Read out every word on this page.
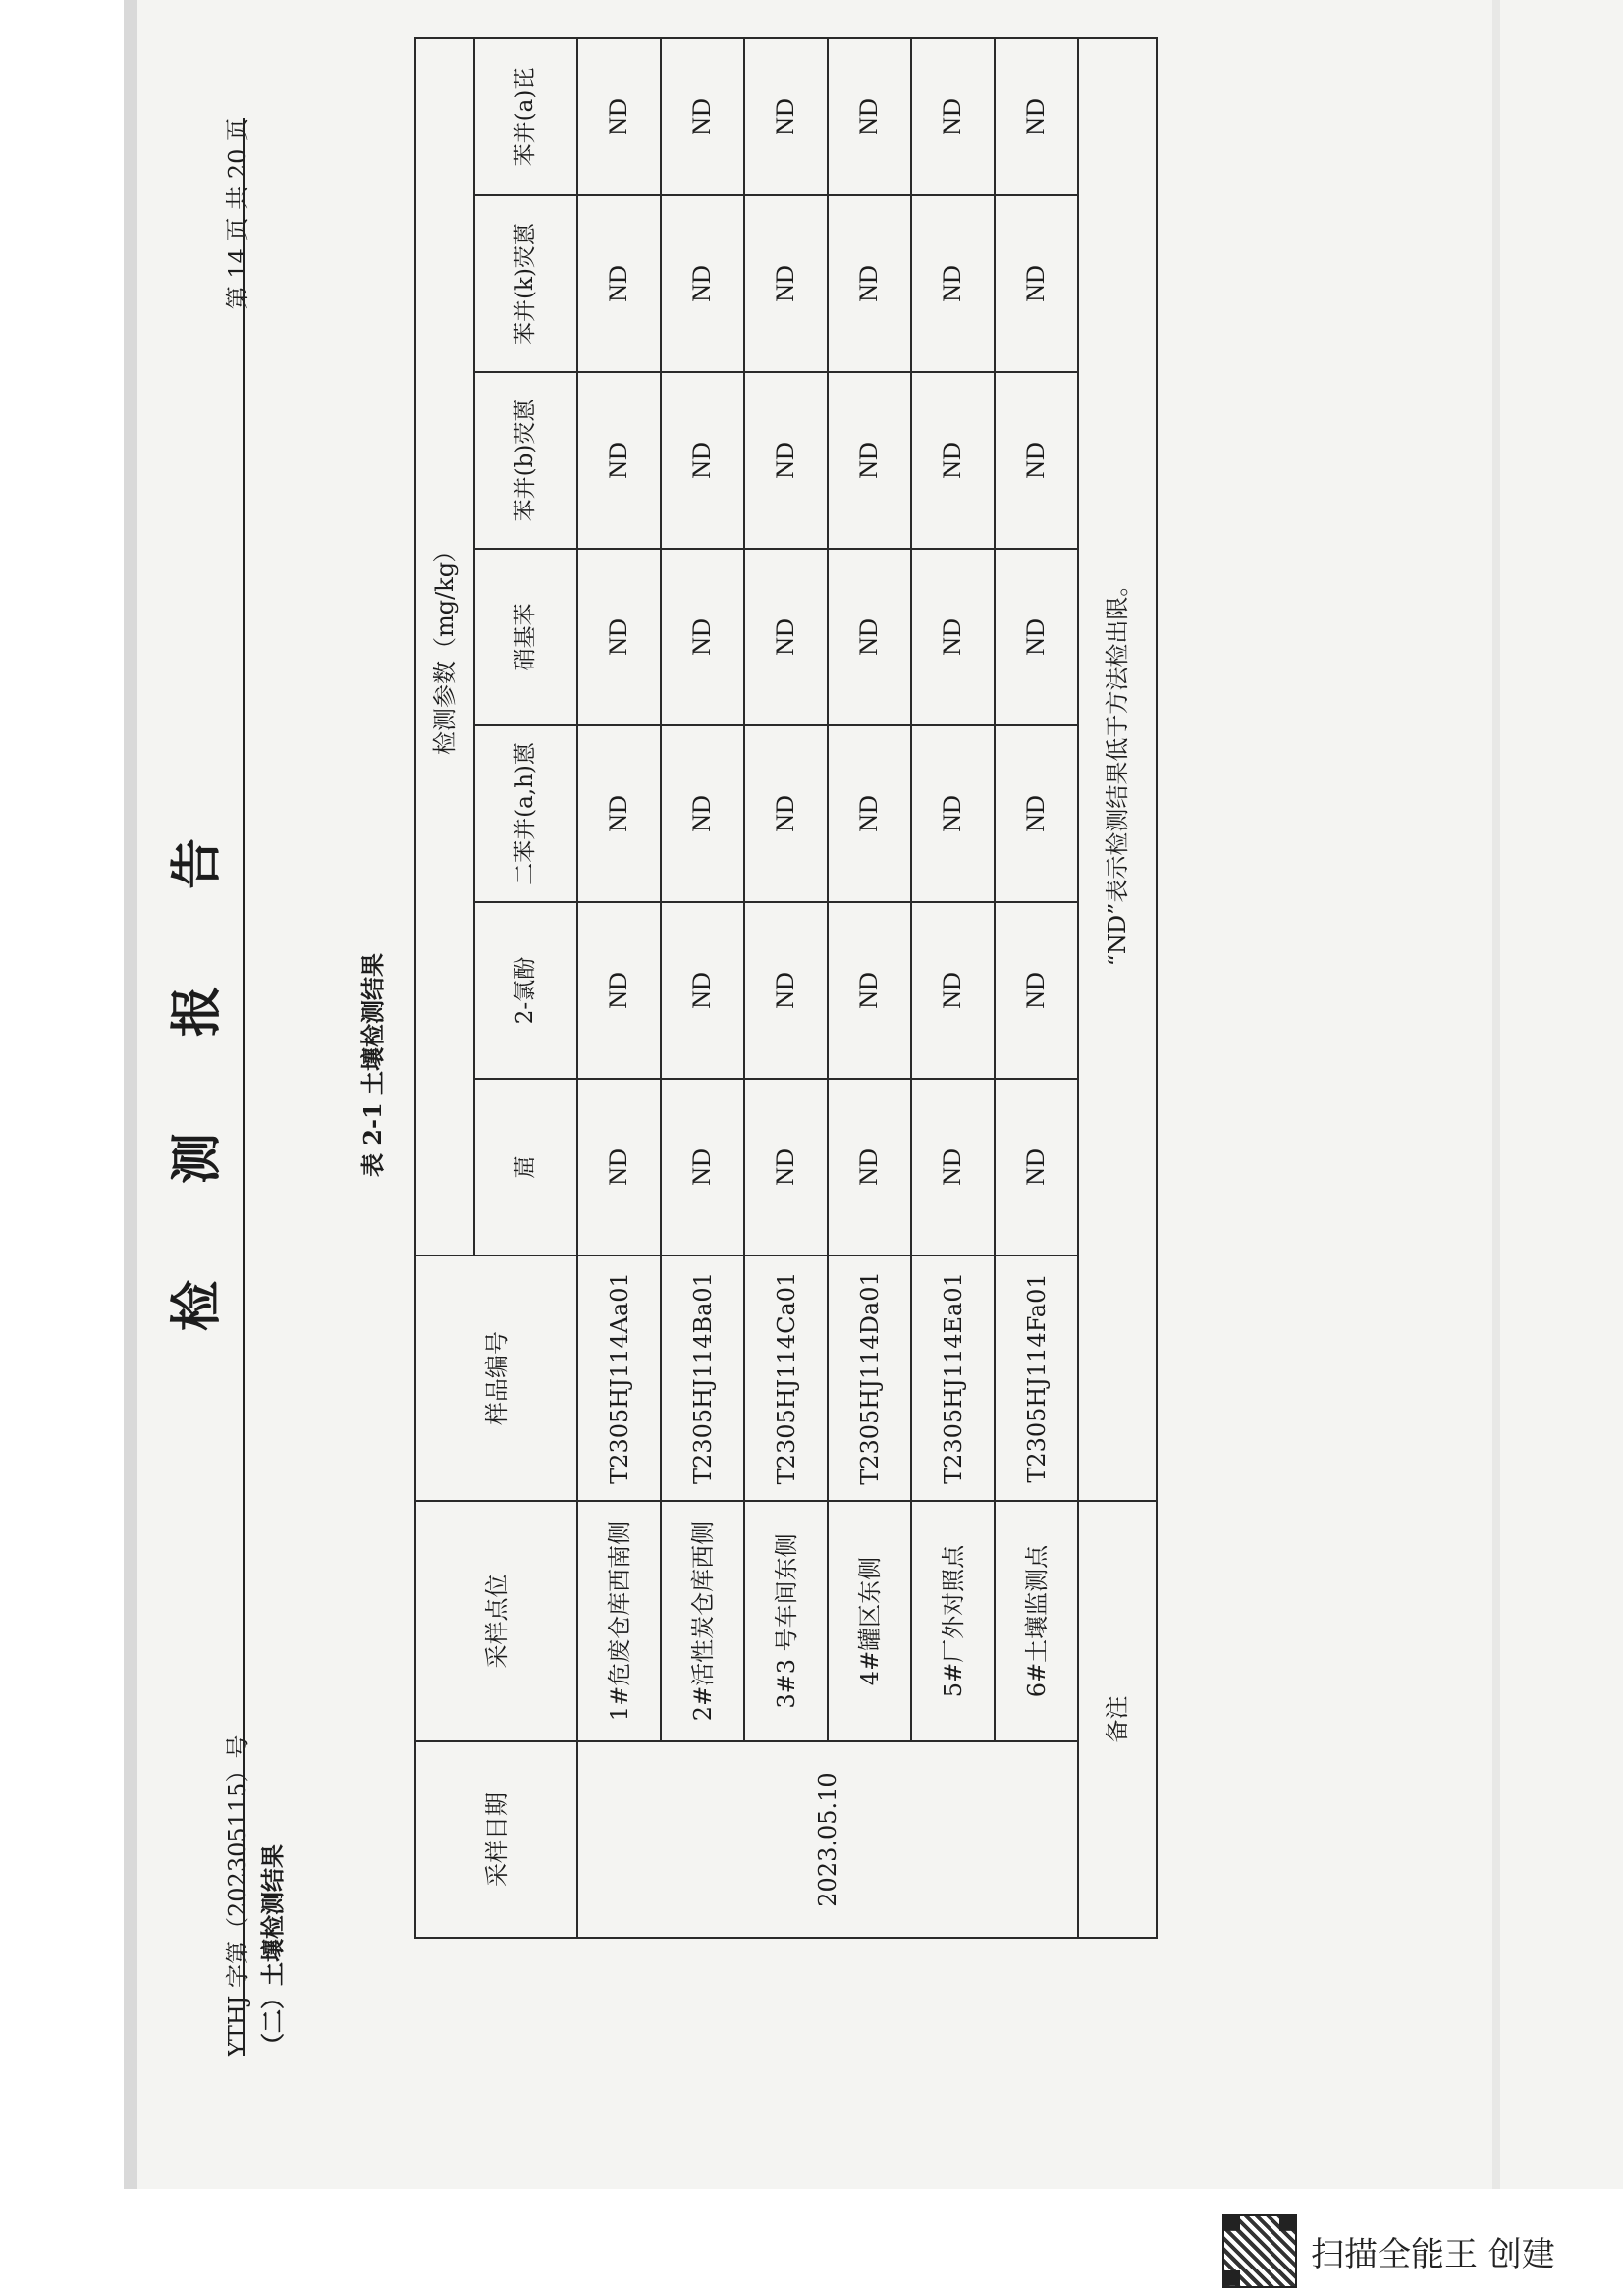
检 测 报 告
YTHJ 字第（202305115）号
第 14 页 共 20 页
（二）土壤检测结果
表 2-1 土壤检测结果
采样日期	采样点位	样品编号	检测参数（mg/kg）						
			䓛	2-氯酚	二苯并(a,h)蒽	硝基苯	苯并(b)荧蒽	苯并(k)荧蒽	苯并(a)芘
2023.05.10	1#危废仓库西南侧	T2305HJ114Aa01	ND	ND	ND	ND	ND	ND	ND
	2#活性炭仓库西侧	T2305HJ114Ba01	ND	ND	ND	ND	ND	ND	ND
	3#3 号车间东侧	T2305HJ114Ca01	ND	ND	ND	ND	ND	ND	ND
	4#罐区东侧	T2305HJ114Da01	ND	ND	ND	ND	ND	ND	ND
	5#厂外对照点	T2305HJ114Ea01	ND	ND	ND	ND	ND	ND	ND
	6#土壤监测点	T2305HJ114Fa01	ND	ND	ND	ND	ND	ND	ND
备注		“ND”表示检测结果低于方法检出限。							
扫描全能王 创建
